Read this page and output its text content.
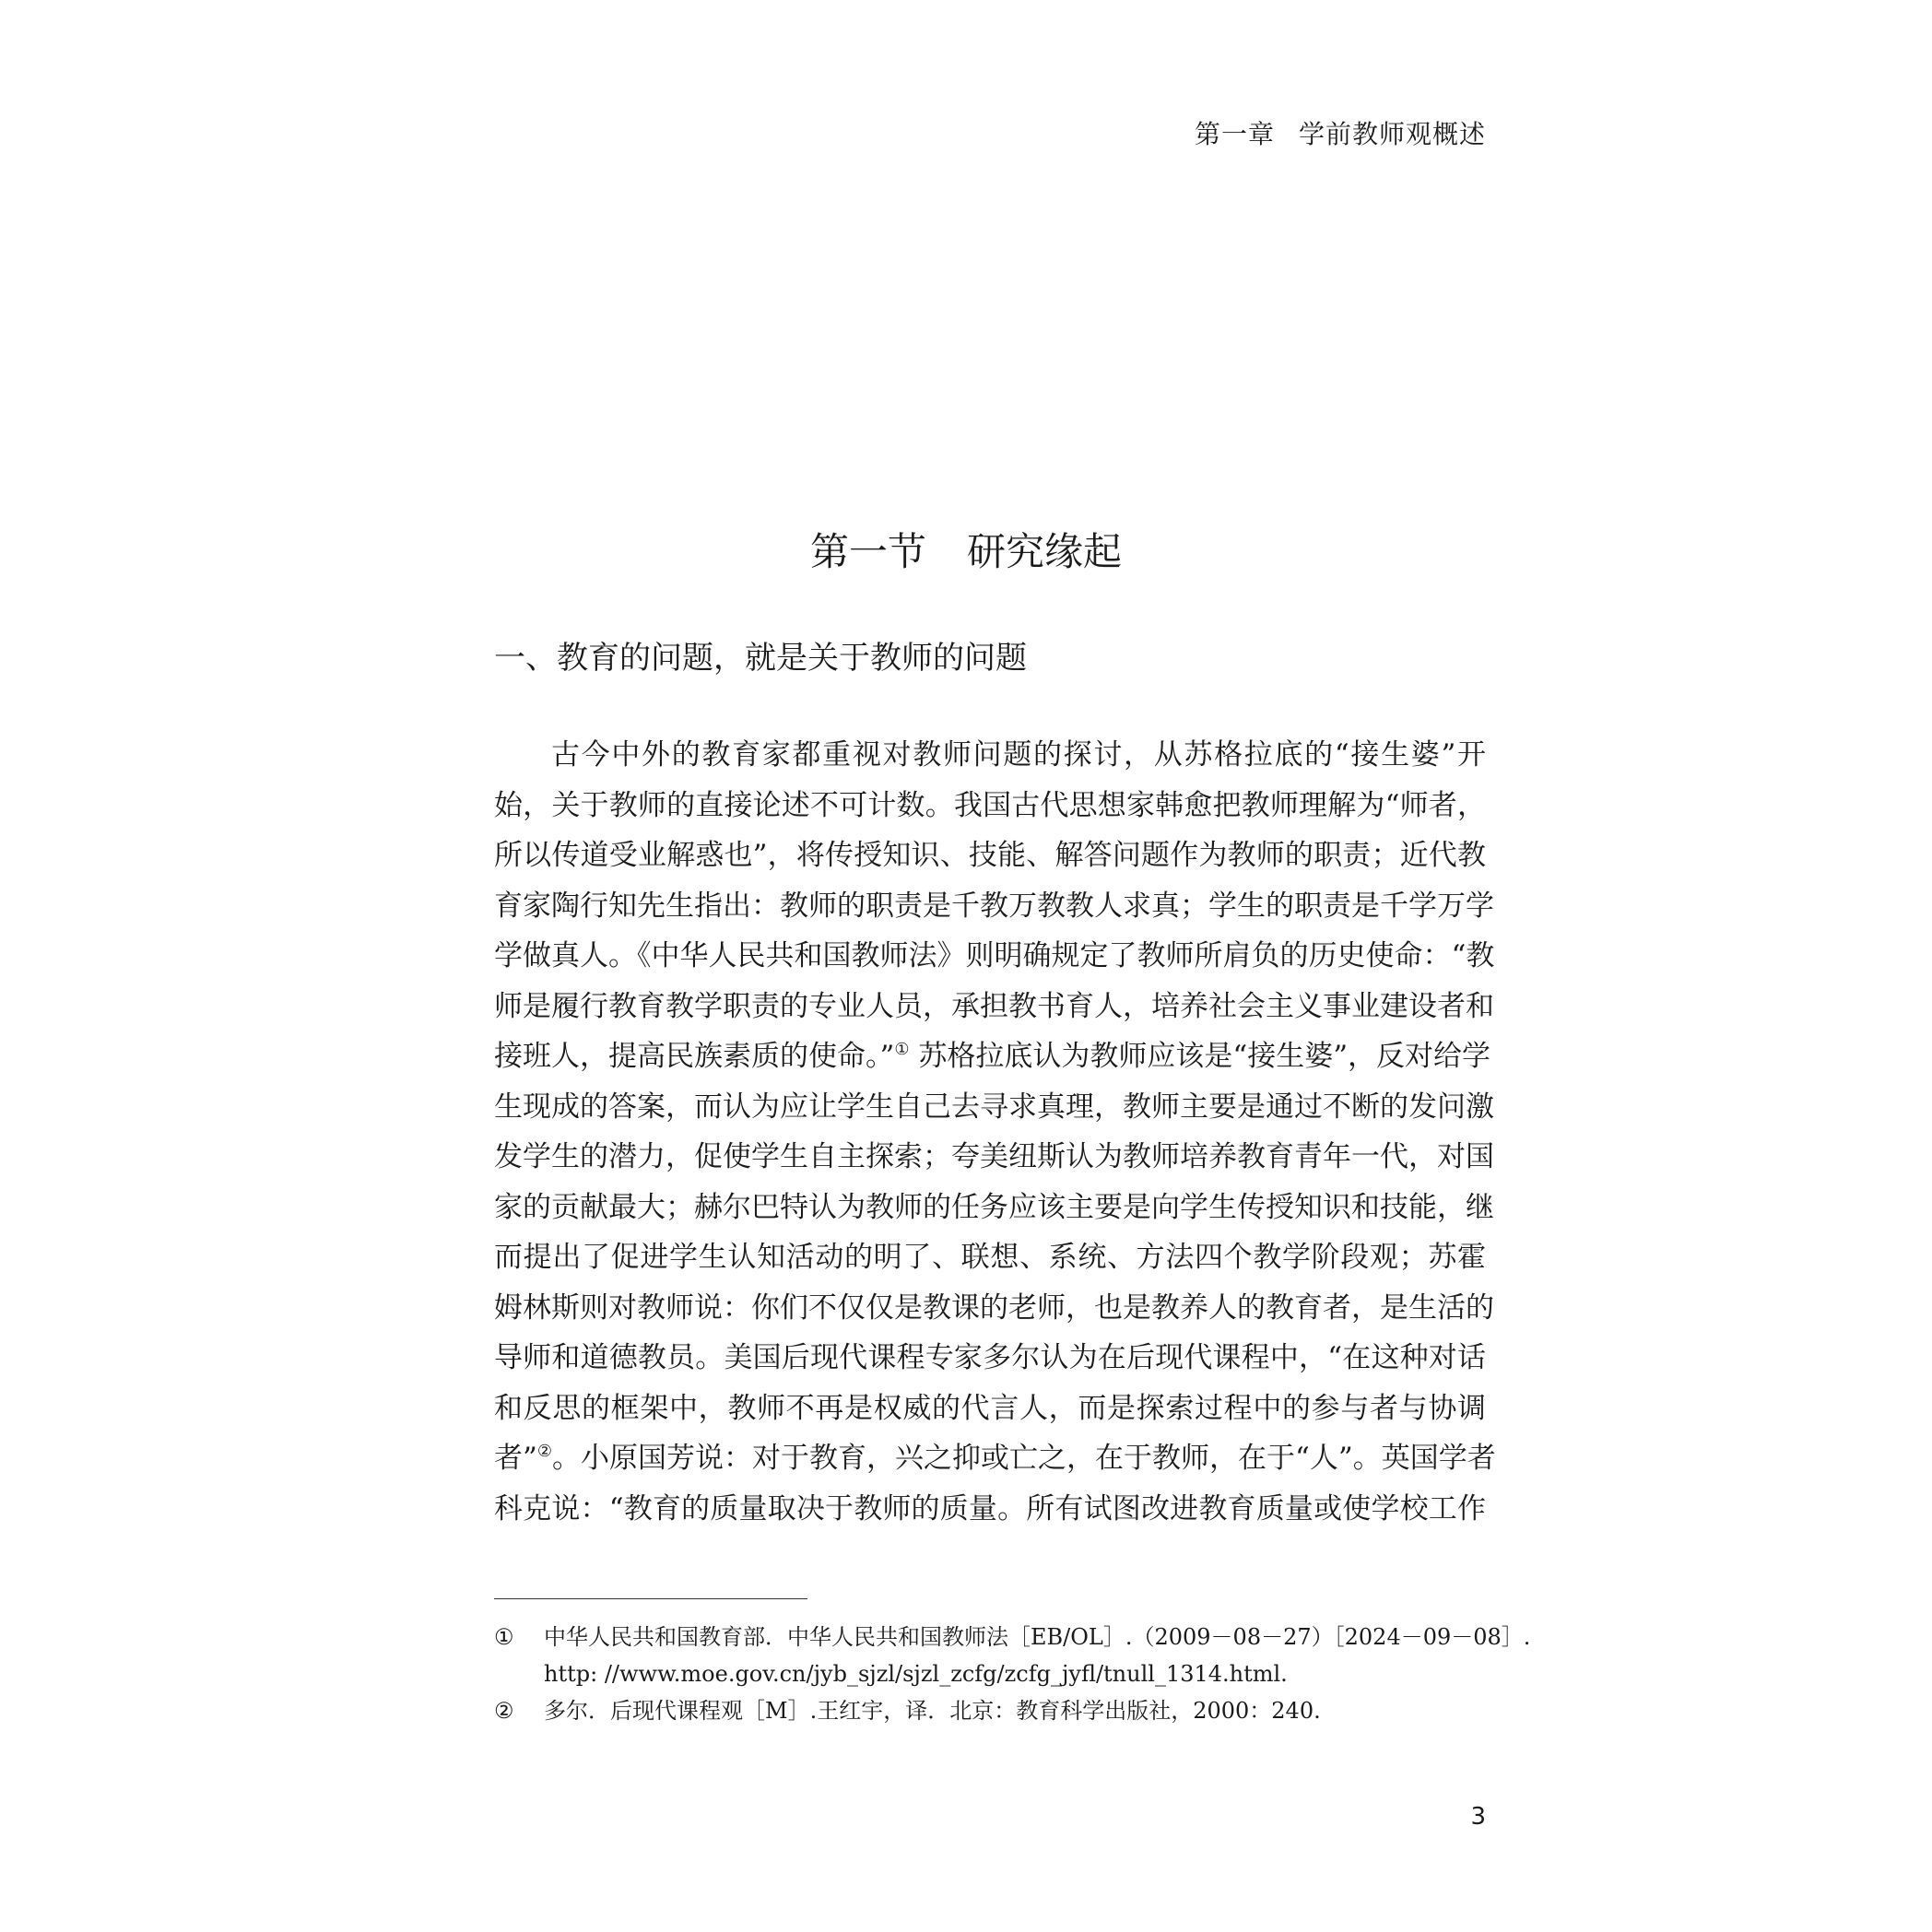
第一章 学前教师观概述
第一节 研究缘起
一、教育的问题，就是关于教师的问题
古今中外的教育家都重视对教师问题的探讨，从苏格拉底的“接生婆”开
始，关于教师的直接论述不可计数。我国古代思想家韩愈把教师理解为“师者，
所以传道受业解惑也”，将传授知识、技能、解答问题作为教师的职责；近代教
育家陶行知先生指出：教师的职责是千教万教教人求真；学生的职责是千学万学
学做真人。《中华人民共和国教师法》则明确规定了教师所肩负的历史使命：“教
师是履行教育教学职责的专业人员，承担教书育人，培养社会主义事业建设者和
接班人，提高民族素质的使命。”① 苏格拉底认为教师应该是“接生婆”，反对给学
生现成的答案，而认为应让学生自己去寻求真理，教师主要是通过不断的发问激
发学生的潜力，促使学生自主探索；夸美纽斯认为教师培养教育青年一代，对国
家的贡献最大；赫尔巴特认为教师的任务应该主要是向学生传授知识和技能，继
而提出了促进学生认知活动的明了、联想、系统、方法四个教学阶段观；苏霍
姆林斯则对教师说：你们不仅仅是教课的老师，也是教养人的教育者，是生活的
导师和道德教员。美国后现代课程专家多尔认为在后现代课程中，“在这种对话
和反思的框架中，教师不再是权威的代言人，而是探索过程中的参与者与协调
者”②。小原国芳说：对于教育，兴之抑或亡之，在于教师，在于“人”。英国学者
科克说：“教育的质量取决于教师的质量。所有试图改进教育质量或使学校工作
① 中华人民共和国教育部．中华人民共和国教师法［EB/OL］.（2009－08－27）［2024－09－08］.
http: //www.moe.gov.cn/jyb_sjzl/sjzl_zcfg/zcfg_jyfl/tnull_1314.html.
② 多尔．后现代课程观［M］.王红宇，译．北京：教育科学出版社，2000：240.
3
